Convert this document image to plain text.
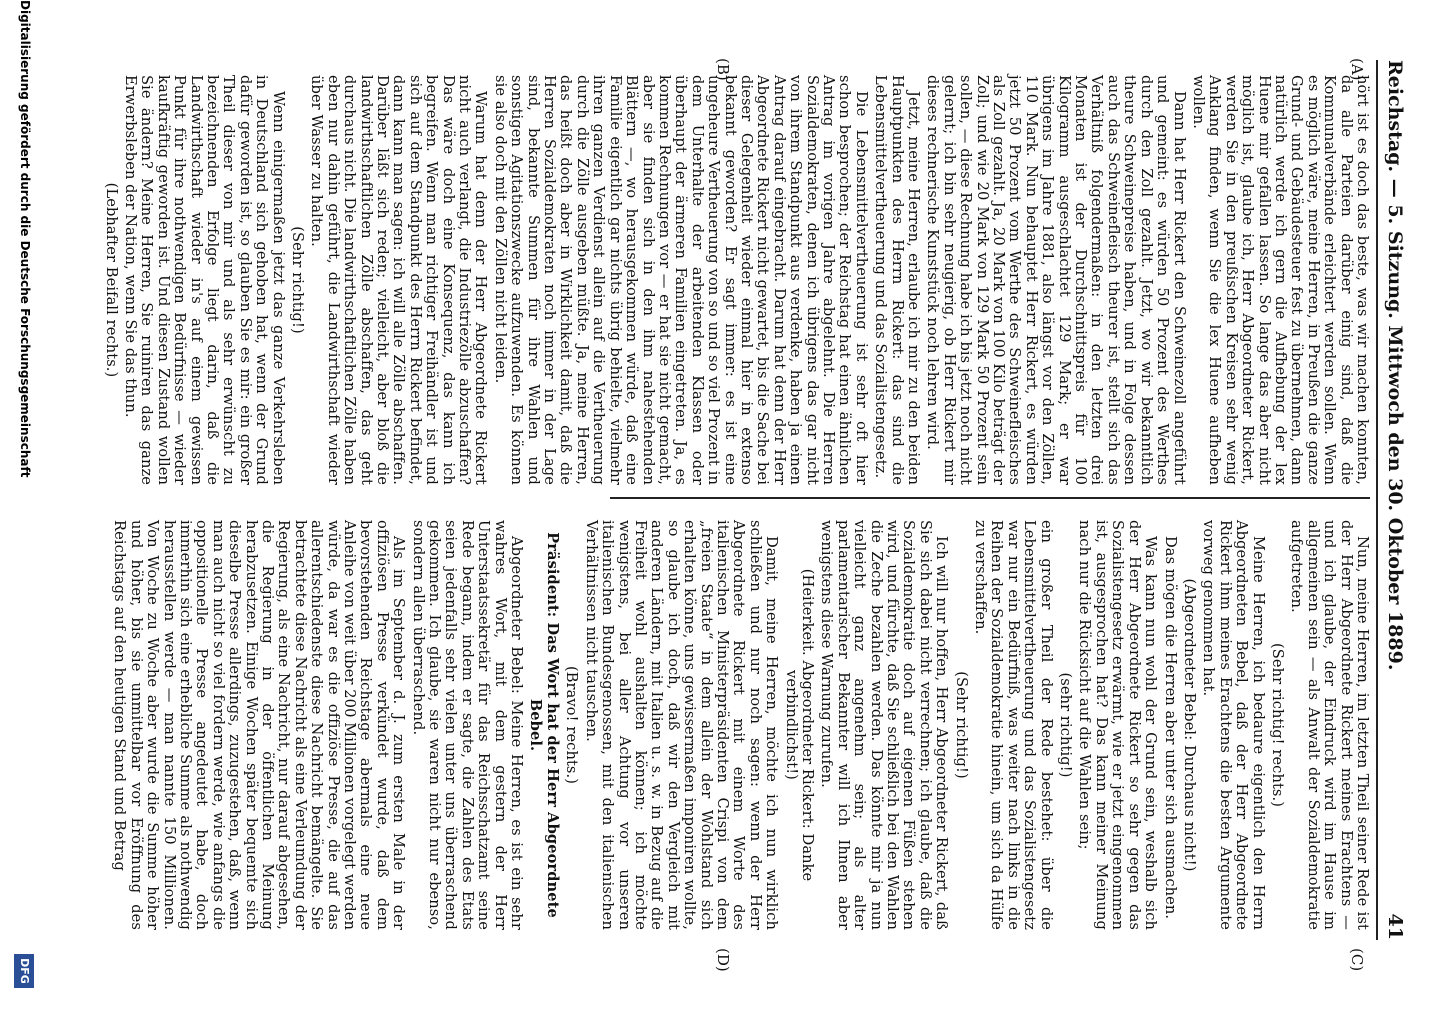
Reichstag. — 5. Sitzung. Mittwoch den 30. Oktober 1889.
41
(A)
(B)
(C)
(D)

hört ist es doch das beste, was wir machen konnten, da alle Parteien darüber einig sind, daß die Kommunalverbände erleichtert werden sollen. Wenn es möglich wäre, meine Herren, in Preußen die ganze Grund- und Gebäudesteuer fest zu übernehmen, dann natürlich werde ich gern die Aufhebung der lex Huene mir gefallen lassen. So lange das aber nicht möglich ist, glaube ich, Herr Abgeordneter Rickert, werden Sie in den preußischen Kreisen sehr wenig Anklang finden, wenn Sie die lex Huene aufheben wollen.

Dann hat Herr Rickert den Schweinezoll angeführt und gemeint: es würden 50 Prozent des Werthes durch den Zoll gezahlt. Jetzt, wo wir bekanntlich theure Schweinepreise haben, und in Folge dessen auch das Schweinefleisch theurer ist, stellt sich das Verhältniß folgendermaßen: in den letzten drei Monaten ist der Durchschnittspreis für 100 Kilogramm ausgeschlachtet 129 Mark; er war übrigens im Jahre 1881, also längst vor den Zöllen, 110 Mark. Nun behauptet Herr Rickert, es würden jetzt 50 Prozent vom Werthe des Schweinefleisches als Zoll gezahlt. Ja, 20 Mark von 100 Kilo beträgt der Zoll; und wie 20 Mark von 129 Mark 50 Prozent sein sollen, — diese Rechnung habe ich bis jetzt noch nicht gelernt; ich bin sehr neugierig, ob Herr Rickert mir dieses rechnerische Kunststück noch lehren wird.

Jetzt, meine Herren, erlaube ich mir zu den beiden Hauptpunkten des Herrn Rickert: das sind die Lebensmittelvertheuerung und das Sozialistengesetz.

Die Lebensmittelvertheuerung ist sehr oft hier schon besprochen; der Reichstag hat einen ähnlichen Antrag im vorigen Jahre abgelehnt. Die Herren Sozialdemokraten, denen ich übrigens das gar nicht von ihrem Standpunkt aus verdenke, haben ja einen Antrag darauf eingebracht. Darum hat denn der Herr Abgeordnete Rickert nicht gewartet, bis die Sache bei dieser Gelegenheit wieder einmal hier in extenso bekannt geworden? Er sagt immer: es ist eine ungeheure Vertheuerung von so und so viel Prozent in dem Unterhalte der arbeitenden Klassen oder überhaupt der ärmeren Familien eingetreten. Ja, es kommen Rechnungen vor — er hat sie nicht gemacht, aber sie finden sich in den ihm nahestehenden Blättern —, wo herausgekommen würde, daß eine Familie eigentlich gar nichts übrig behielte, vielmehr ihren ganzen Verdienst allein auf die Vertheuerung durch die Zölle ausgeben müßte. Ja, meine Herren, das heißt doch aber in Wirklichkeit damit, daß die Herren Sozialdemokraten noch immer in der Lage sind, bekannte Summen für ihre Wahlen und sonstigen Agitationszwecke aufzuwenden. Es können sie also doch mit den Zöllen nicht leiden.

Warum hat denn der Herr Abgeordnete Rickert nicht auch verlangt, die Industriezölle abzuschaffen? Das wäre doch eine Konsequenz, das kann ich begreifen. Wenn man richtiger Freihändler ist und sich auf dem Standpunkt des Herrn Rickert befindet, dann kann man sagen: ich will alle Zölle abschaffen. Darüber läßt sich reden; vielleicht, aber bloß die landwirthschaftlichen Zölle abschaffen, das geht durchaus nicht. Die landwirthschaftlichen Zölle haben eben nur dahin geführt, die Landwirthschaft wieder über Wasser zu halten.

(Sehr richtig!)

Wenn einigermaßen jetzt das ganze Verkehrsleben in Deutschland sich gehoben hat, wenn der Grund dafür geworden ist, so glauben Sie es mir: ein großer Theil dieser von mir und als sehr erwünscht zu bezeichnenden Erfolge liegt darin, daß die Landwirthschaft wieder in's auf einem gewissen Punkt für ihre nothwendigen Bedürfnisse — wieder kaufkräftig geworden ist. Und diesen Zustand wollen Sie ändern? Meine Herren, Sie ruiniren das ganze Erwerbsleben der Nation, wenn Sie das thun.

(Lebhafter Beifall rechts.)

Nun, meine Herren, im letzten Theil seiner Rede ist der Herr Abgeordnete Rickert meines Erachtens — und ich glaube, der Eindruck wird im Hause im allgemeinen sein — als Anwalt der Sozialdemokratie aufgetreten.

(Sehr richtig! rechts.)

Meine Herren, ich bedaure eigentlich den Herrn Abgeordneten Bebel, daß der Herr Abgeordnete Rickert ihm meines Erachtens die besten Argumente vorweg genommen hat.

(Abgeordneter Bebel: Durchaus nicht!)

Das mögen die Herren aber unter sich ausmachen.

Was kann nun wohl der Grund sein, weshalb sich der Herr Abgeordnete Rickert so sehr gegen das Sozialistengesetz erwärmt, wie er jetzt eingenommen ist, ausgesprochen hat? Das kann meiner Meinung nach nur die Rücksicht auf die Wahlen sein;

(sehr richtig!)

ein großer Theil der Rede bestehet: über die Lebensmittelvertheuerung und das Sozialistengesetz war nur ein Bedürfniß, was weiter nach links in die Reihen der Sozialdemokratie hinein, um sich da Hülfe zu verschaffen.

(Sehr richtig!)

Ich will nur hoffen, Herr Abgeordneter Rickert, daß Sie sich dabei nicht verrechnen; ich glaube, daß die Sozialdemokratie doch auf eigenen Füßen stehen wird, und fürchte, daß Sie schließlich bei den Wahlen die Zeche bezahlen werden. Das könnte mir ja nun vielleicht ganz angenehm sein; als alter parlamentarischer Bekannter will ich Ihnen aber wenigstens diese Warnung zurufen.

(Heiterkeit. Abgeordneter Rickert: Danke verbindlichst!)

Damit, meine Herren, möchte ich nun wirklich schließen und nur noch sagen: wenn der Herr Abgeordnete Rickert mit einem Worte des italienischen Ministerpräsidenten Crispi von dem „freien Staate“ in dem allein der Wohlstand sich erhalten könne, uns gewissermaßen imponiren wollte, so glaube ich doch, daß wir den Vergleich mit anderen Ländern, mit Italien u. s. w. in Bezug auf die Freiheit wohl aushalten können; ich möchte wenigstens, bei aller Achtung vor unseren italienischen Bundesgenossen, mit den italienischen Verhältnissen nicht tauschen.

(Bravo! rechts.)

Präsident: Das Wort hat der Herr Abgeordnete Bebel.

Abgeordneter Bebel: Meine Herren, es ist ein sehr wahres Wort, mit dem gestern der Herr Unterstaatssekretär für das Reichsschatzamt seine Rede begann, indem er sagte, die Zahlen des Etats seien jedenfalls sehr vielen unter uns überraschend gekommen. Ich glaube, sie waren nicht nur ebenso, sondern allen überraschend.

Als im September d. J. zum ersten Male in der offiziösen Presse verkündet wurde, daß dem bevorstehenden Reichstage abermals eine neue Anleihe von weit über 200 Millionen vorgelegt werden würde, da war es die offiziöse Presse, die auf das allerentschiedenste diese Nachricht bemängelte. Sie betrachtete diese Nachricht als eine Verleumdung der Regierung, als eine Nachricht, nur darauf abgesehen, die Regierung in der öffentlichen Meinung herabzusetzen. Einige Wochen später bequemte sich dieselbe Presse allerdings, zuzugestehen, daß, wenn man auch nicht so viel fordern werde, wie anfangs die oppositionelle Presse angedeutet habe, doch immerhin sich eine erhebliche Summe als nothwendig herausstellen werde — man nannte 150 Millionen. Von Woche zu Woche aber wurde die Summe höher und höher, bis sie unmittelbar vor Eröffnung des Reichstags auf den heutigen Stand und Betrag

Digitalisierung gefördert durch die Deutsche Forschungsgemeinschaft
DFG
